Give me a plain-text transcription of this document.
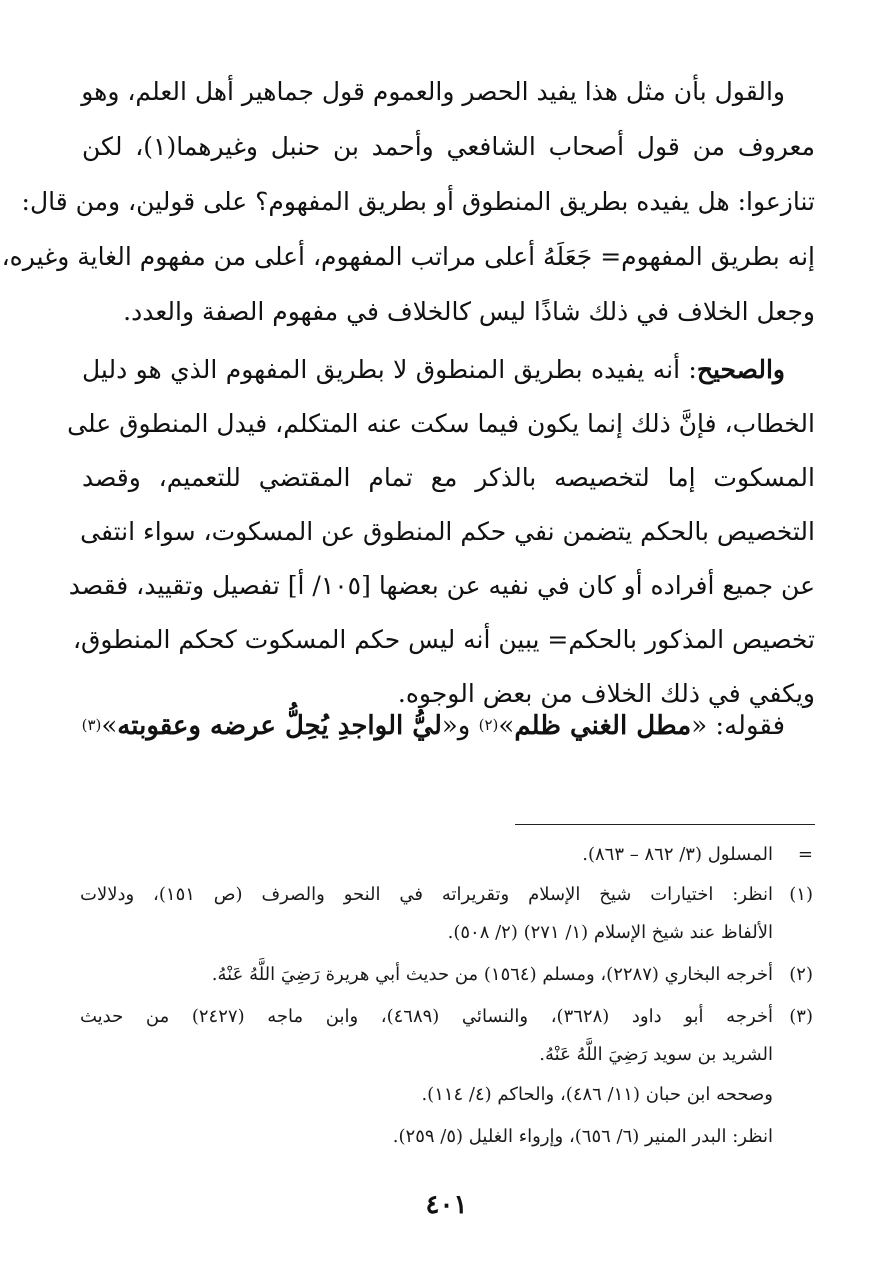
والقول بأن مثل هذا يفيد الحصر والعموم قول جماهير أهل العلم، وهو
معروف من قول أصحاب الشافعي وأحمد بن حنبل وغيرهما(١)، لكن
تنازعوا: هل يفيده بطريق المنطوق أو بطريق المفهوم؟ على قولين، ومن قال:
إنه بطريق المفهوم= جَعَلَهُ أعلى مراتب المفهوم، أعلى من مفهوم الغاية وغيره،
وجعل الخلاف في ذلك شاذًا ليس كالخلاف في مفهوم الصفة والعدد.
والصحيح: أنه يفيده بطريق المنطوق لا بطريق المفهوم الذي هو دليل
الخطاب، فإنَّ ذلك إنما يكون فيما سكت عنه المتكلم، فيدل المنطوق على
المسكوت إما لتخصيصه بالذكر مع تمام المقتضي للتعميم، وقصد
التخصيص بالحكم يتضمن نفي حكم المنطوق عن المسكوت، سواء انتفى
عن جميع أفراده أو كان في نفيه عن بعضها [١٠٥/ أ] تفصيل وتقييد، فقصد
تخصيص المذكور بالحكم= يبين أنه ليس حكم المسكوت كحكم المنطوق،
ويكفي في ذلك الخلاف من بعض الوجوه.
فقوله: «مطل الغني ظلم»$^{(٢)}$ و«ليُّ الواجدِ يُحِلُّ عرضه وعقوبته»$^{(٣)}$
=
المسلول (٣/ ٨٦٢ – ٨٦٣).
(١)
انظر: اختيارات شيخ الإسلام وتقريراته في النحو والصرف (ص ١٥١)، ودلالات
الألفاظ عند شيخ الإسلام (١/ ٢٧١) (٢/ ٥٠٨).
(٢)
أخرجه البخاري (٢٢٨٧)، ومسلم (١٥٦٤) من حديث أبي هريرة رَضِيَ اللَّهُ عَنْهُ.
(٣)
أخرجه أبو داود (٣٦٢٨)، والنسائي (٤٦٨٩)، وابن ماجه (٢٤٢٧) من حديث
الشريد بن سويد رَضِيَ اللَّهُ عَنْهُ.
وصححه ابن حبان (١١/ ٤٨٦)، والحاكم (٤/ ١١٤).
انظر: البدر المنير (٦/ ٦٥٦)، وإرواء الغليل (٥/ ٢٥٩).
٤٠١
